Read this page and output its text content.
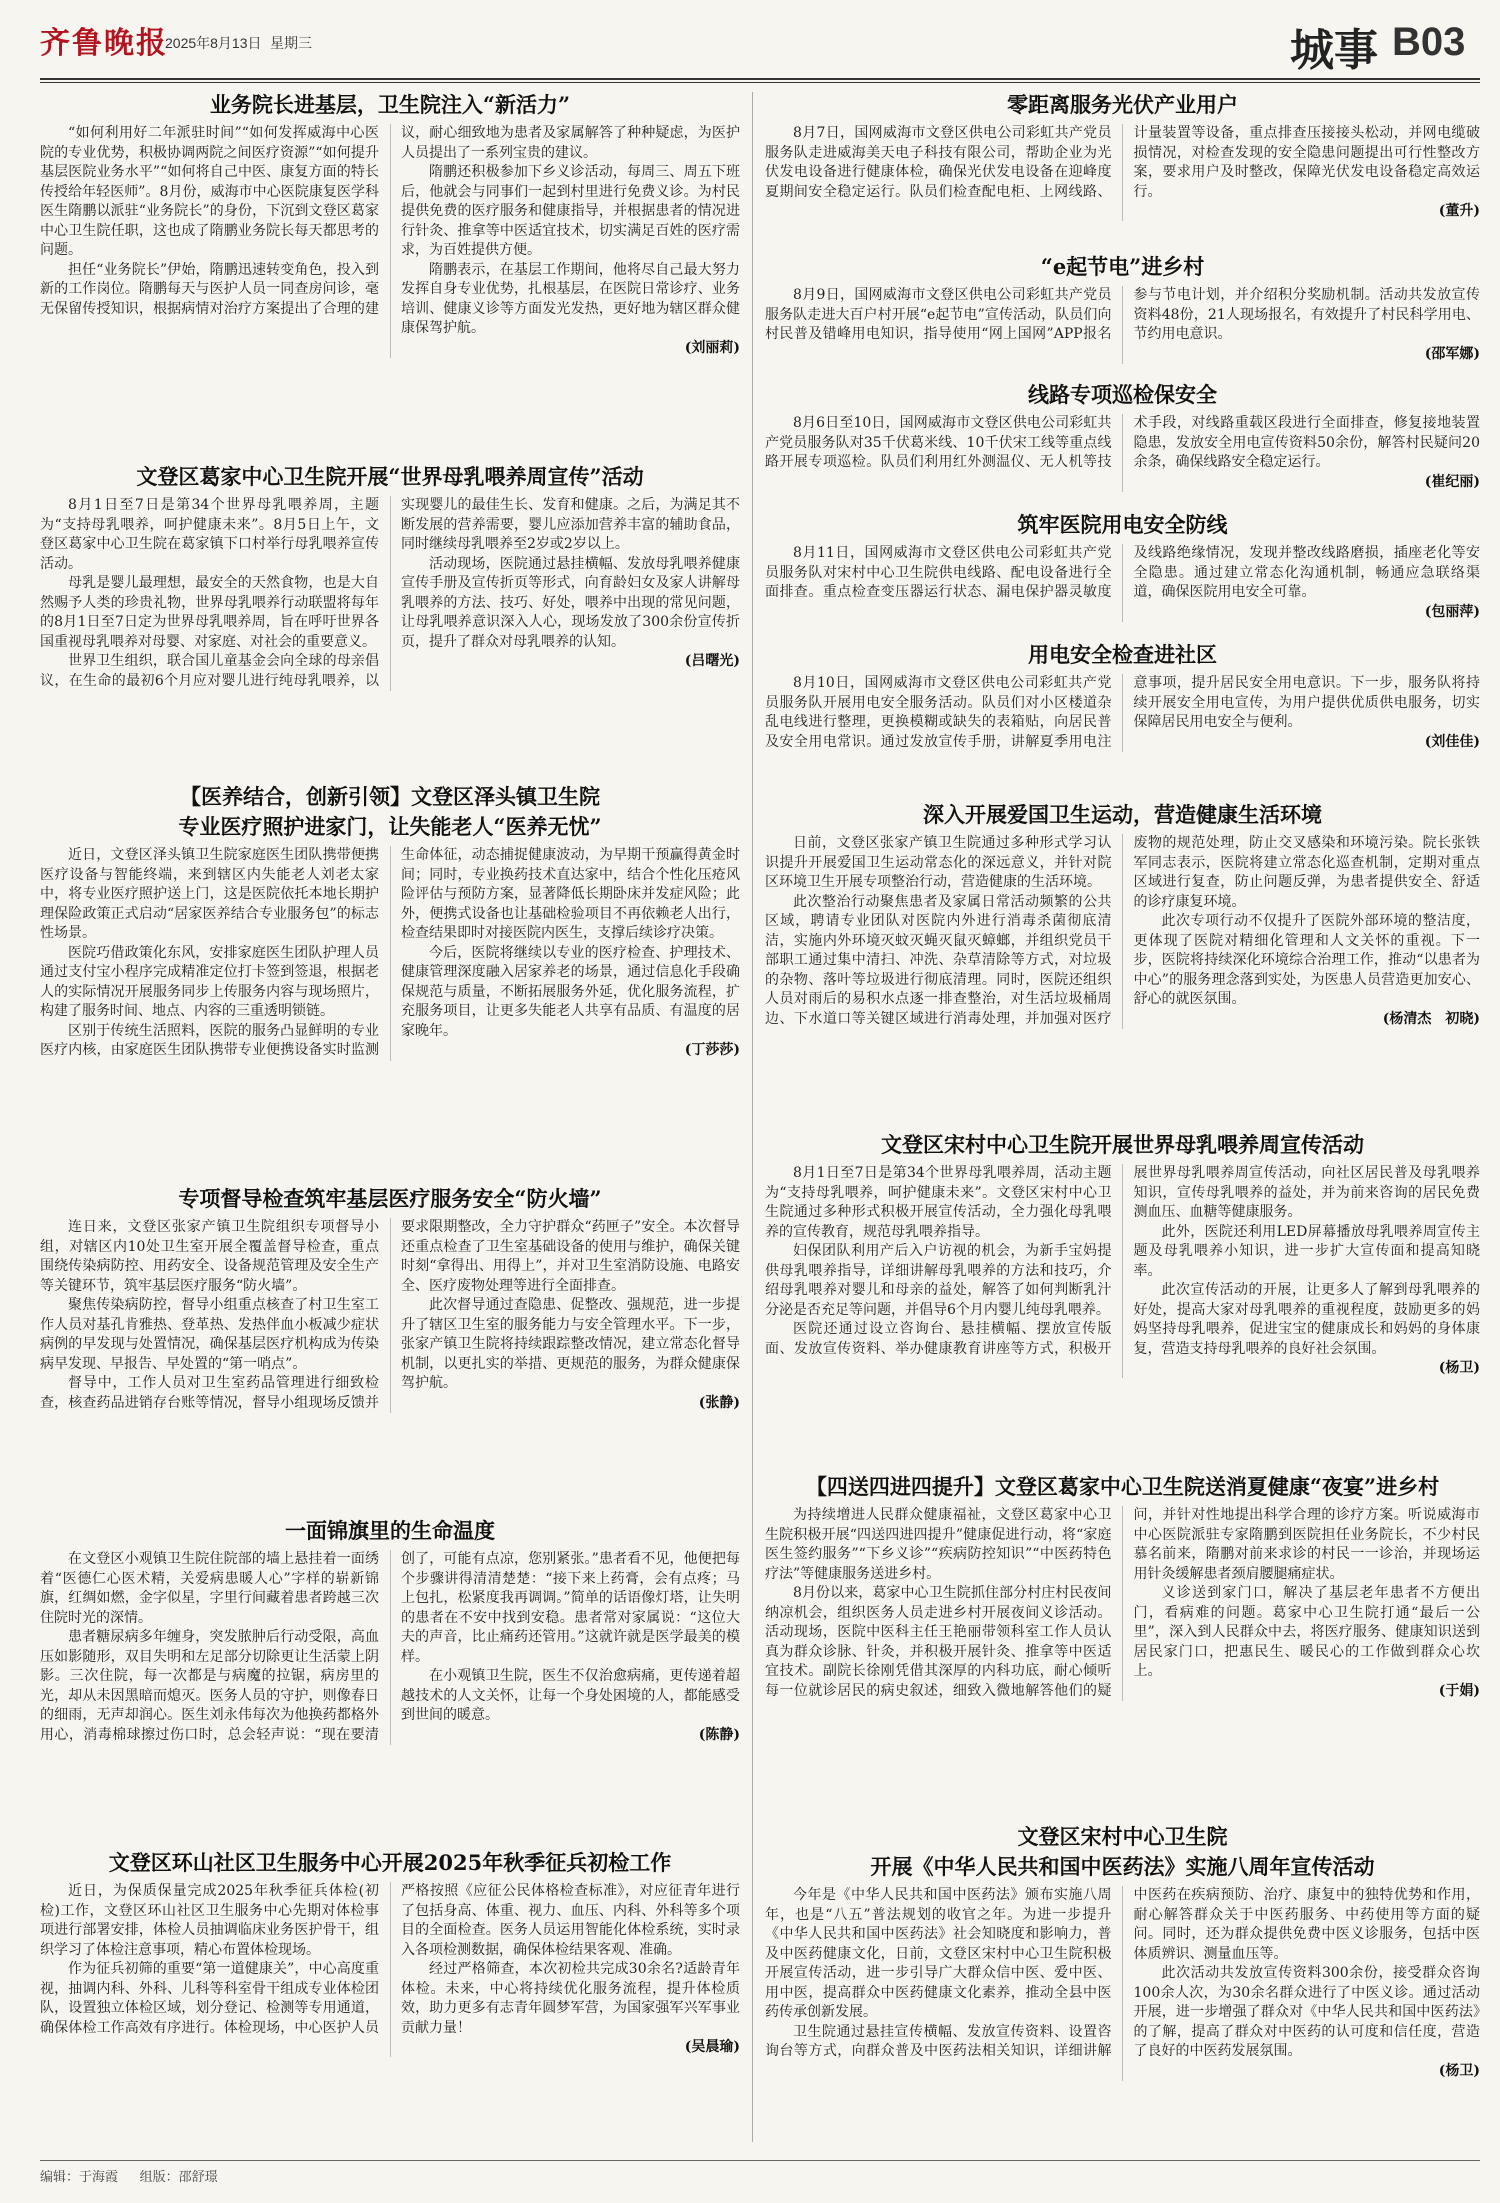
齐鲁晚报
2025年8月13日 星期三	城事 B03
业务院长进基层，卫生院注入“新活力”

“如何利用好二年派驻时间”“如何发挥威海中心医院的专业优势，积极协调两院之间医疗资源”“如何提升基层医院业务水平”“如何将自己中医、康复方面的特长传授给年轻医师”。8月份，威海市中心医院康复医学科医生隋鹏以派驻“业务院长”的身份，下沉到文登区葛家中心卫生院任职，这也成了隋鹏业务院长每天都思考的问题。

担任“业务院长”伊始，隋鹏迅速转变角色，投入到新的工作岗位。隋鹏每天与医护人员一同查房问诊，毫无保留传授知识，根据病情对治疗方案提出了合理的建议，耐心细致地为患者及家属解答了种种疑虑，为医护人员提出了一系列宝贵的建议。

隋鹏还积极参加下乡义诊活动，每周三、周五下班后，他就会与同事们一起到村里进行免费义诊。为村民提供免费的医疗服务和健康指导，并根据患者的情况进行针灸、推拿等中医适宜技术，切实满足百姓的医疗需求，为百姓提供方便。

隋鹏表示，在基层工作期间，他将尽自己最大努力发挥自身专业优势，扎根基层，在医院日常诊疗、业务培训、健康义诊等方面发光发热，更好地为辖区群众健康保驾护航。

(刘丽莉)
文登区葛家中心卫生院开展“世界母乳喂养周宣传”活动

8月1日至7日是第34个世界母乳喂养周，主题为“支持母乳喂养，呵护健康未来”。8月5日上午，文登区葛家中心卫生院在葛家镇下口村举行母乳喂养宣传活动。

母乳是婴儿最理想，最安全的天然食物，也是大自然赐予人类的珍贵礼物，世界母乳喂养行动联盟将每年的8月1日至7日定为世界母乳喂养周，旨在呼吁世界各国重视母乳喂养对母婴、对家庭、对社会的重要意义。

世界卫生组织，联合国儿童基金会向全球的母亲倡议，在生命的最初6个月应对婴儿进行纯母乳喂养，以实现婴儿的最佳生长、发育和健康。之后，为满足其不断发展的营养需要，婴儿应添加营养丰富的辅助食品，同时继续母乳喂养至2岁或2岁以上。

活动现场，医院通过悬挂横幅、发放母乳喂养健康宣传手册及宣传折页等形式，向育龄妇女及家人讲解母乳喂养的方法、技巧、好处，喂养中出现的常见问题，让母乳喂养意识深入人心，现场发放了300余份宣传折页，提升了群众对母乳喂养的认知。

(吕曙光)
【医养结合，创新引领】文登区泽头镇卫生院
专业医疗照护进家门，让失能老人“医养无忧”

近日，文登区泽头镇卫生院家庭医生团队携带便携医疗设备与智能终端，来到辖区内失能老人刘老太家中，将专业医疗照护送上门，这是医院依托本地长期护理保险政策正式启动“居家医养结合专业服务包”的标志性场景。

医院巧借政策化东风，安排家庭医生团队护理人员通过支付宝小程序完成精准定位打卡签到签退，根据老人的实际情况开展服务同步上传服务内容与现场照片，构建了服务时间、地点、内容的三重透明锁链。

区别于传统生活照料，医院的服务凸显鲜明的专业医疗内核，由家庭医生团队携带专业便携设备实时监测生命体征，动态捕捉健康波动，为早期干预赢得黄金时间；同时，专业换药技术直达家中，结合个性化压疮风险评估与预防方案，显著降低长期卧床并发症风险；此外，便携式设备也让基础检验项目不再依赖老人出行，检查结果即时对接医院内医生，支撑后续诊疗决策。

今后，医院将继续以专业的医疗检查、护理技术、健康管理深度融入居家养老的场景，通过信息化手段确保规范与质量，不断拓展服务外延，优化服务流程，扩充服务项目，让更多失能老人共享有品质、有温度的居家晚年。

(丁莎莎)
专项督导检查筑牢基层医疗服务安全“防火墙”

连日来，文登区张家产镇卫生院组织专项督导小组，对辖区内10处卫生室开展全覆盖督导检查，重点围绕传染病防控、用药安全、设备规范管理及安全生产等关键环节，筑牢基层医疗服务“防火墙”。

聚焦传染病防控，督导小组重点核查了村卫生室工作人员对基孔肯雅热、登革热、发热伴血小板减少症状病例的早发现与处置情况，确保基层医疗机构成为传染病早发现、早报告、早处置的“第一哨点”。

督导中，工作人员对卫生室药品管理进行细致检查，核查药品进销存台账等情况，督导小组现场反馈并要求限期整改，全力守护群众“药匣子”安全。本次督导还重点检查了卫生室基础设备的使用与维护，确保关键时刻“拿得出、用得上”，并对卫生室消防设施、电路安全、医疗废物处理等进行全面排查。

此次督导通过查隐患、促整改、强规范，进一步提升了辖区卫生室的服务能力与安全管理水平。下一步，张家产镇卫生院将持续跟踪整改情况，建立常态化督导机制，以更扎实的举措、更规范的服务，为群众健康保驾护航。

(张静)
一面锦旗里的生命温度

在文登区小观镇卫生院住院部的墙上悬挂着一面绣着“医德仁心医术精，关爱病患暖人心”字样的崭新锦旗，红绸如燃，金字似星，字里行间藏着患者跨越三次住院时光的深情。

患者糖尿病多年缠身，突发脓肿后行动受限，高血压如影随形，双目失明和左足部分切除更让生活蒙上阴影。三次住院，每一次都是与病魔的拉锯，病房里的光，却从未因黑暗而熄灭。医务人员的守护，则像春日的细雨，无声却润心。医生刘永伟每次为他换药都格外用心，消毒棉球擦过伤口时，总会轻声说：“现在要清创了，可能有点凉，您别紧张。”患者看不见，他便把每个步骤讲得清清楚楚：“接下来上药膏，会有点疼；马上包扎，松紧度我再调调。”简单的话语像灯塔，让失明的患者在不安中找到安稳。患者常对家属说：“这位大夫的声音，比止痛药还管用。”这就许就是医学最美的模样。

在小观镇卫生院，医生不仅治愈病痛，更传递着超越技术的人文关怀，让每一个身处困境的人，都能感受到世间的暖意。

(陈静)
文登区环山社区卫生服务中心开展2025年秋季征兵初检工作

近日，为保质保量完成2025年秋季征兵体检(初检)工作，文登区环山社区卫生服务中心先期对体检事项进行部署安排，体检人员抽调临床业务医护骨干，组织学习了体检注意事项，精心布置体检现场。

作为征兵初筛的重要“第一道健康关”，中心高度重视，抽调内科、外科、儿科等科室骨干组成专业体检团队，设置独立体检区域，划分登记、检测等专用通道，确保体检工作高效有序进行。体检现场，中心医护人员严格按照《应征公民体格检查标准》，对应征青年进行了包括身高、体重、视力、血压、内科、外科等多个项目的全面检查。医务人员运用智能化体检系统，实时录入各项检测数据，确保体检结果客观、准确。

经过严格筛查，本次初检共完成30余名?适龄青年体检。未来，中心将持续优化服务流程，提升体检质效，助力更多有志青年圆梦军营，为国家强军兴军事业贡献力量！

(吴晨瑜)
零距离服务光伏产业用户

8月7日，国网威海市文登区供电公司彩虹共产党员服务队走进威海美天电子科技有限公司，帮助企业为光伏发电设备进行健康体检，确保光伏发电设备在迎峰度夏期间安全稳定运行。队员们检查配电柜、上网线路、计量装置等设备，重点排查压接接头松动，并网电缆破损情况，对检查发现的安全隐患问题提出可行性整改方案，要求用户及时整改，保障光伏发电设备稳定高效运行。

(董升)
“e起节电”进乡村

8月9日，国网威海市文登区供电公司彩虹共产党员服务队走进大百户村开展“e起节电”宣传活动，队员们向村民普及错峰用电知识，指导使用“网上国网”APP报名参与节电计划，并介绍积分奖励机制。活动共发放宣传资料48份，21人现场报名，有效提升了村民科学用电、节约用电意识。

(邵军娜)
线路专项巡检保安全

8月6日至10日，国网威海市文登区供电公司彩虹共产党员服务队对35千伏葛米线、10千伏宋工线等重点线路开展专项巡检。队员们利用红外测温仪、无人机等技术手段，对线路重载区段进行全面排查，修复接地装置隐患，发放安全用电宣传资料50余份，解答村民疑问20余条，确保线路安全稳定运行。

(崔纪丽)
筑牢医院用电安全防线

8月11日，国网威海市文登区供电公司彩虹共产党员服务队对宋村中心卫生院供电线路、配电设备进行全面排查。重点检查变压器运行状态、漏电保护器灵敏度及线路绝缘情况，发现并整改线路磨损，插座老化等安全隐患。通过建立常态化沟通机制，畅通应急联络渠道，确保医院用电安全可靠。

(包丽萍)
用电安全检查进社区

8月10日，国网威海市文登区供电公司彩虹共产党员服务队开展用电安全服务活动。队员们对小区楼道杂乱电线进行整理，更换模糊或缺失的表箱贴，向居民普及安全用电常识。通过发放宣传手册，讲解夏季用电注意事项，提升居民安全用电意识。下一步，服务队将持续开展安全用电宣传，为用户提供优质供电服务，切实保障居民用电安全与便利。

(刘佳佳)
深入开展爱国卫生运动，营造健康生活环境

日前，文登区张家产镇卫生院通过多种形式学习认识提升开展爱国卫生运动常态化的深远意义，并针对院区环境卫生开展专项整治行动，营造健康的生活环境。

此次整治行动聚焦患者及家属日常活动频繁的公共区域，聘请专业团队对医院内外进行消毒杀菌彻底清洁，实施内外环境灭蚊灭蝇灭鼠灭蟑螂，并组织党员干部职工通过集中清扫、冲洗、杂草清除等方式，对垃圾的杂物、落叶等垃圾进行彻底清理。同时，医院还组织人员对雨后的易积水点逐一排查整治，对生活垃圾桶周边、下水道口等关键区域进行消毒处理，并加强对医疗废物的规范处理，防止交叉感染和环境污染。院长张铁军同志表示，医院将建立常态化巡查机制，定期对重点区域进行复查，防止问题反弹，为患者提供安全、舒适的诊疗康复环境。

此次专项行动不仅提升了医院外部环境的整洁度，更体现了医院对精细化管理和人文关怀的重视。下一步，医院将持续深化环境综合治理工作，推动“以患者为中心”的服务理念落到实处，为医患人员营造更加安心、舒心的就医氛围。

(杨清杰　初晓)
文登区宋村中心卫生院开展世界母乳喂养周宣传活动

8月1日至7日是第34个世界母乳喂养周，活动主题为“支持母乳喂养，呵护健康未来”。文登区宋村中心卫生院通过多种形式积极开展宣传活动，全力强化母乳喂养的宣传教育，规范母乳喂养指导。

妇保团队利用产后入户访视的机会，为新手宝妈提供母乳喂养指导，详细讲解母乳喂养的方法和技巧，介绍母乳喂养对婴儿和母亲的益处，解答了如何判断乳汁分泌是否充足等问题，并倡导6个月内婴儿纯母乳喂养。

医院还通过设立咨询台、悬挂横幅、摆放宣传版面、发放宣传资料、举办健康教育讲座等方式，积极开展世界母乳喂养周宣传活动，向社区居民普及母乳喂养知识，宣传母乳喂养的益处，并为前来咨询的居民免费测血压、血糖等健康服务。

此外，医院还利用LED屏幕播放母乳喂养周宣传主题及母乳喂养小知识，进一步扩大宣传面和提高知晓率。

此次宣传活动的开展，让更多人了解到母乳喂养的好处，提高大家对母乳喂养的重视程度，鼓励更多的妈妈坚持母乳喂养，促进宝宝的健康成长和妈妈的身体康复，营造支持母乳喂养的良好社会氛围。

(杨卫)
【四送四进四提升】文登区葛家中心卫生院送消夏健康“夜宴”进乡村

为持续增进人民群众健康福祉，文登区葛家中心卫生院积极开展“四送四进四提升”健康促进行动，将“家庭医生签约服务”“下乡义诊”“疾病防控知识”“中医药特色疗法”等健康服务送进乡村。

8月份以来，葛家中心卫生院抓住部分村庄村民夜间纳凉机会，组织医务人员走进乡村开展夜间义诊活动。活动现场，医院中医科主任王艳丽带领科室工作人员认真为群众诊脉、针灸，并积极开展针灸、推拿等中医适宜技术。副院长徐刚凭借其深厚的内科功底，耐心倾听每一位就诊居民的病史叙述，细致入微地解答他们的疑问，并针对性地提出科学合理的诊疗方案。听说威海市中心医院派驻专家隋鹏到医院担任业务院长，不少村民慕名前来，隋鹏对前来求诊的村民一一诊治，并现场运用针灸缓解患者颈肩腰腿痛症状。

义诊送到家门口，解决了基层老年患者不方便出门，看病难的问题。葛家中心卫生院打通“最后一公里”，深入到人民群众中去，将医疗服务、健康知识送到居民家门口，把惠民生、暖民心的工作做到群众心坎上。

(于娟)
文登区宋村中心卫生院
开展《中华人民共和国中医药法》实施八周年宣传活动

今年是《中华人民共和国中医药法》颁布实施八周年，也是“八五”普法规划的收官之年。为进一步提升《中华人民共和国中医药法》社会知晓度和影响力，普及中医药健康文化，日前，文登区宋村中心卫生院积极开展宣传活动，进一步引导广大群众信中医、爱中医、用中医，提高群众中医药健康文化素养，推动全县中医药传承创新发展。

卫生院通过悬挂宣传横幅、发放宣传资料、设置咨询台等方式，向群众普及中医药法相关知识，详细讲解中医药在疾病预防、治疗、康复中的独特优势和作用，耐心解答群众关于中医药服务、中药使用等方面的疑问。同时，还为群众提供免费中医义诊服务，包括中医体质辨识、测量血压等。

此次活动共发放宣传资料300余份，接受群众咨询100余人次，为30余名群众进行了中医义诊。通过活动开展，进一步增强了群众对《中华人民共和国中医药法》的了解，提高了群众对中医药的认可度和信任度，营造了良好的中医药发展氛围。

(杨卫)
编辑：于海霞 组版：邵舒璟
